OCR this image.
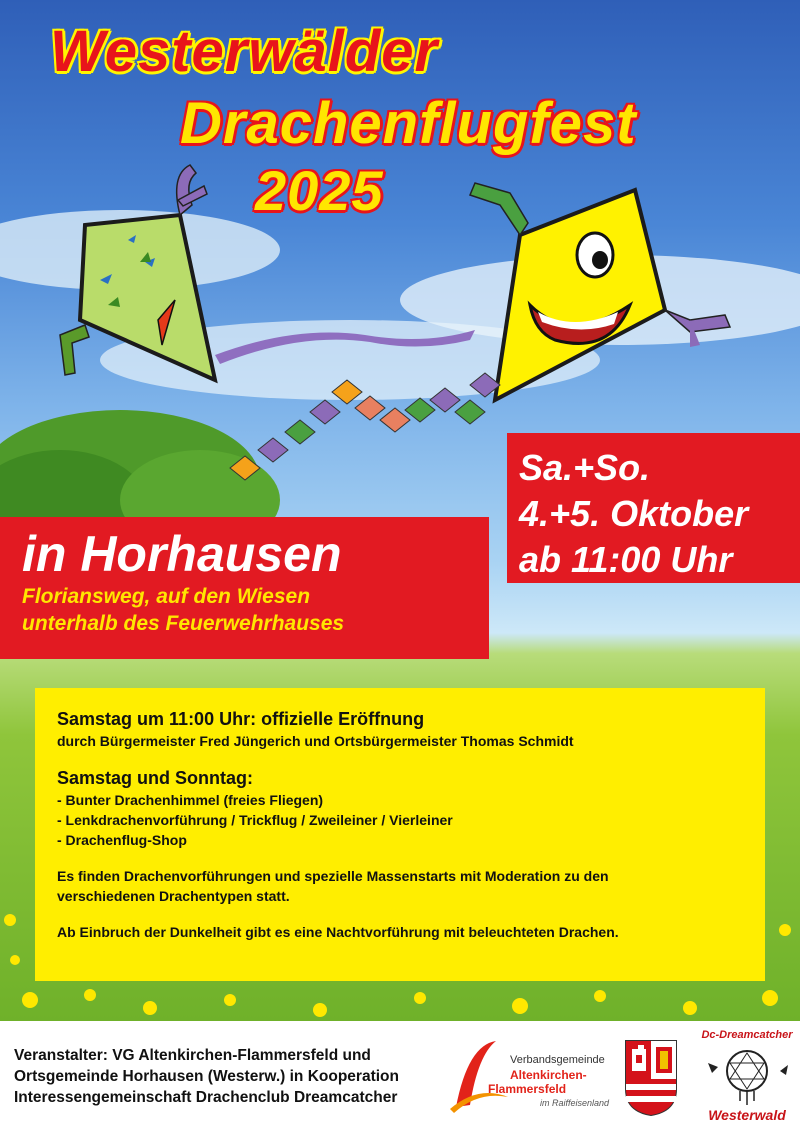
Westerwälder
Drachenflugfest
2025
Sa.+So.
4.+5. Oktober
ab 11:00 Uhr
in Horhausen
Floriansweg, auf den Wiesen
unterhalb des Feuerwehrhauses
Samstag um 11:00 Uhr: offizielle Eröffnung
durch Bürgermeister Fred Jüngerich und Ortsbürgermeister Thomas Schmidt
Samstag und Sonntag:
- Bunter Drachenhimmel (freies Fliegen)
- Lenkdrachenvorführung / Trickflug / Zweileiner / Vierleiner
- Drachenflug-Shop
Es finden Drachenvorführungen und spezielle Massenstarts mit Moderation zu den
verschiedenen Drachentypen statt.
Ab Einbruch der Dunkelheit gibt es eine Nachtvorführung mit beleuchteten Drachen.
Veranstalter: VG Altenkirchen-Flammersfeld und
Ortsgemeinde Horhausen (Westerw.) in Kooperation
Interessengemeinschaft Drachenclub Dreamcatcher
Verbandsgemeinde
Altenkirchen-
Flammersfeld
im Raiffeisenland
Dc-Dreamcatcher
Westerwald
